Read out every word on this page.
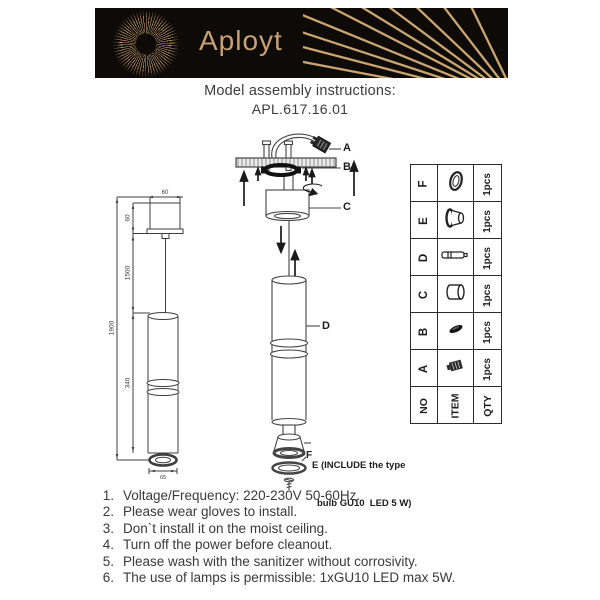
Aployt
Model assembly instructions:
APL.617.16.01
60
60
1500
340
1900
65
A
B
C
D
F

E (INCLUDE the type

bulb GU10  LED 5 W)

F		1pcs
E		1pcs
D		1pcs
C		1pcs
B		1pcs
A		1pcs
NO	ITEM	QTY
1. Voltage/Frequency: 220-230V 50-60Hz.
2. Please wear gloves to install.
3. Don`t install it on the moist ceiling.
4. Turn off the power before cleanout.
5. Please wash with the sanitizer without corrosivity.
6. The use of lamps is permissible: 1xGU10 LED max 5W.
